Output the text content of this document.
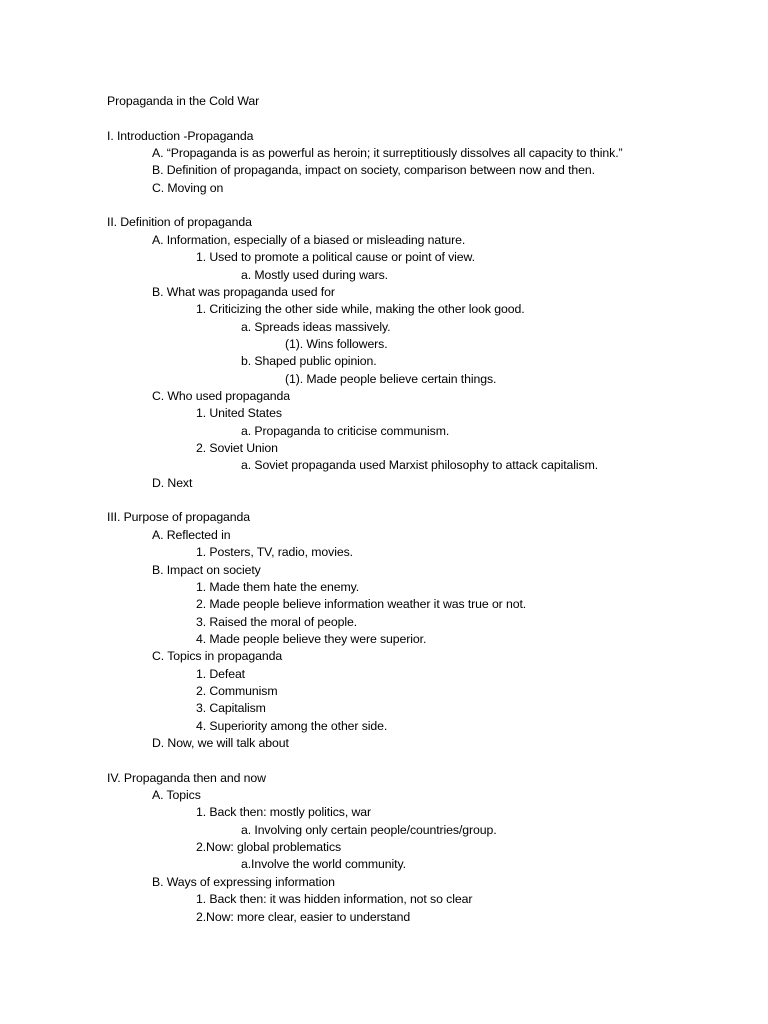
Propaganda in the Cold War
I. Introduction -Propaganda
A. “Propaganda is as powerful as heroin; it surreptitiously dissolves all capacity to think.”
B. Definition of propaganda, impact on society, comparison between now and then.
C. Moving on
II. Definition of propaganda
A. Information, especially of a biased or misleading nature.
1. Used to promote a political cause or point of view.
a. Mostly used during wars.
B. What was propaganda used for
1. Criticizing the other side while, making the other look good.
a. Spreads ideas massively.
(1). Wins followers.
b. Shaped public opinion.
(1). Made people believe certain things.
C. Who used propaganda
1. United States
a. Propaganda to criticise communism.
2. Soviet Union
a. Soviet propaganda used Marxist philosophy to attack capitalism.
D. Next
III. Purpose of propaganda
A. Reflected in
1. Posters, TV, radio, movies.
B. Impact on society
1. Made them hate the enemy.
2. Made people believe information weather it was true or not.
3. Raised the moral of people.
4. Made people believe they were superior.
C. Topics in propaganda
1. Defeat
2. Communism
3. Capitalism
4. Superiority among the other side.
D. Now, we will talk about
IV. Propaganda then and now
A. Topics
1. Back then: mostly politics, war
a. Involving only certain people/countries/group.
2.Now: global problematics
a.Involve the world community.
B. Ways of expressing information
1. Back then: it was hidden information, not so clear
2.Now: more clear, easier to understand
